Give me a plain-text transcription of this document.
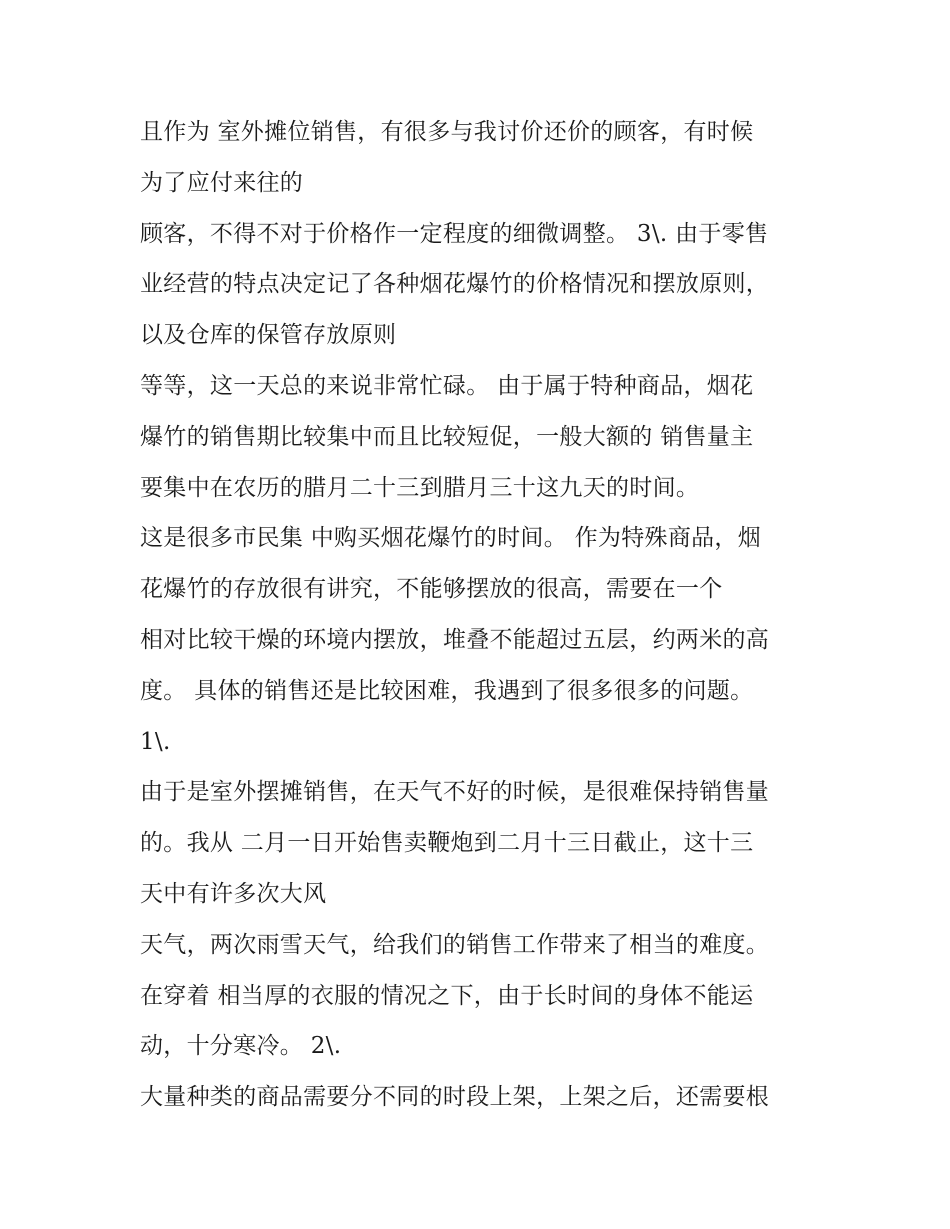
且作为 室外摊位销售，有很多与我讨价还价的顾客，有时候
为了应付来往的
顾客，不得不对于价格作一定程度的细微调整。 3\. 由于零售
业经营的特点决定记了各种烟花爆竹的价格情况和摆放原则，
以及仓库的保管存放原则
等等，这一天总的来说非常忙碌。 由于属于特种商品，烟花
爆竹的销售期比较集中而且比较短促，一般大额的 销售量主
要集中在农历的腊月二十三到腊月三十这九天的时间。
这是很多市民集 中购买烟花爆竹的时间。 作为特殊商品，烟
花爆竹的存放很有讲究，不能够摆放的很高，需要在一个
相对比较干燥的环境内摆放，堆叠不能超过五层，约两米的高
度。 具体的销售还是比较困难，我遇到了很多很多的问题。
1\.
由于是室外摆摊销售，在天气不好的时候，是很难保持销售量
的。我从 二月一日开始售卖鞭炮到二月十三日截止，这十三
天中有许多次大风
天气，两次雨雪天气，给我们的销售工作带来了相当的难度。
在穿着 相当厚的衣服的情况之下，由于长时间的身体不能运
动，十分寒冷。 2\.
大量种类的商品需要分不同的时段上架，上架之后，还需要根
